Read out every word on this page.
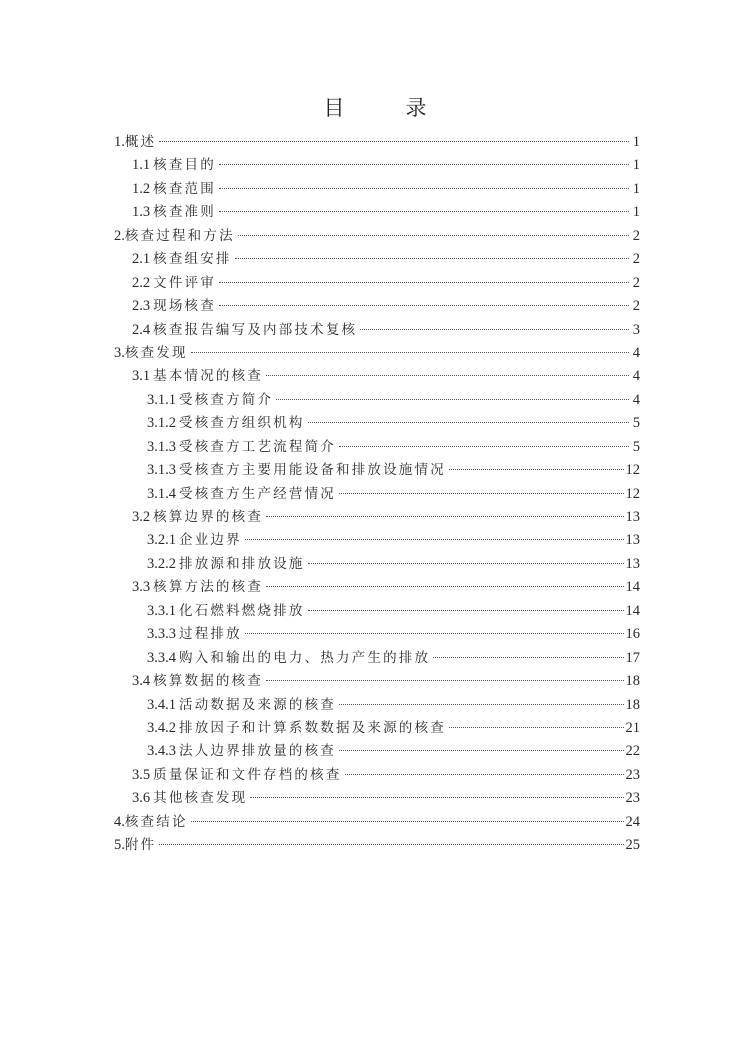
目　录
1. 概述	1
1.1 核查目的	1
1.2 核查范围	1
1.3 核查准则	1
2. 核查过程和方法	2
2.1 核查组安排	2
2.2 文件评审	2
2.3 现场核查	2
2.4 核查报告编写及内部技术复核	3
3. 核查发现	4
3.1 基本情况的核查	4
3.1.1 受核查方简介	4
3.1.2 受核查方组织机构	5
3.1.3 受核查方工艺流程简介	5
3.1.3 受核查方主要用能设备和排放设施情况	12
3.1.4 受核查方生产经营情况	12
3.2 核算边界的核查	13
3.2.1 企业边界	13
3.2.2 排放源和排放设施	13
3.3 核算方法的核查	14
3.3.1 化石燃料燃烧排放	14
3.3.3 过程排放	16
3.3.4 购入和输出的电力、热力产生的排放	17
3.4 核算数据的核查	18
3.4.1 活动数据及来源的核查	18
3.4.2 排放因子和计算系数数据及来源的核查	21
3.4.3 法人边界排放量的核查	22
3.5 质量保证和文件存档的核查	23
3.6 其他核查发现	23
4. 核查结论	24
5. 附件	25
